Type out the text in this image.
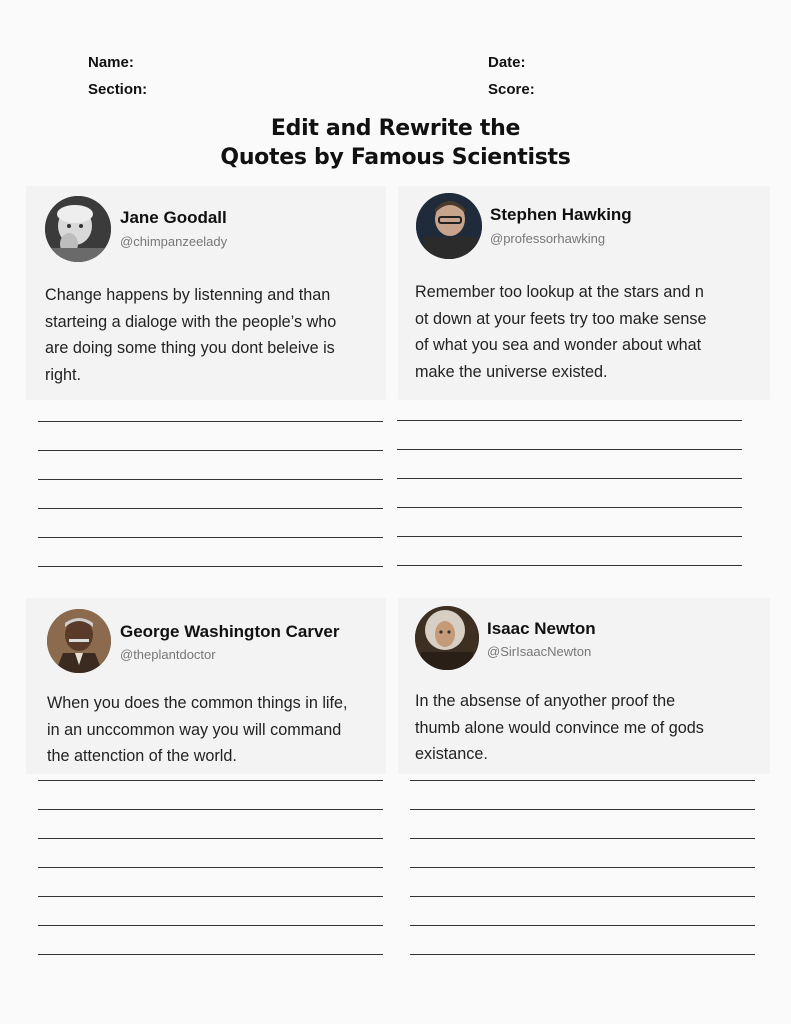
Name:	Date:
Section:	Score:
Edit and Rewrite the
Quotes by Famous Scientists
Jane Goodall
@chimpanzeelady
Change happens by listenning and than
starteing a dialoge with the people’s who
are doing some thing you dont beleive is
right.
Stephen Hawking
@professorhawking
Remember too lookup at the stars and n
ot down at your feets try too make sense
of what you sea and wonder about what
make the universe existed.
George Washington Carver
@theplantdoctor
When you does the common things in life,
in an unccommon way you will command
the attenction of the world.
Isaac Newton
@SirIsaacNewton
In the absense of anyother proof the
thumb alone would convince me of gods
existance.
